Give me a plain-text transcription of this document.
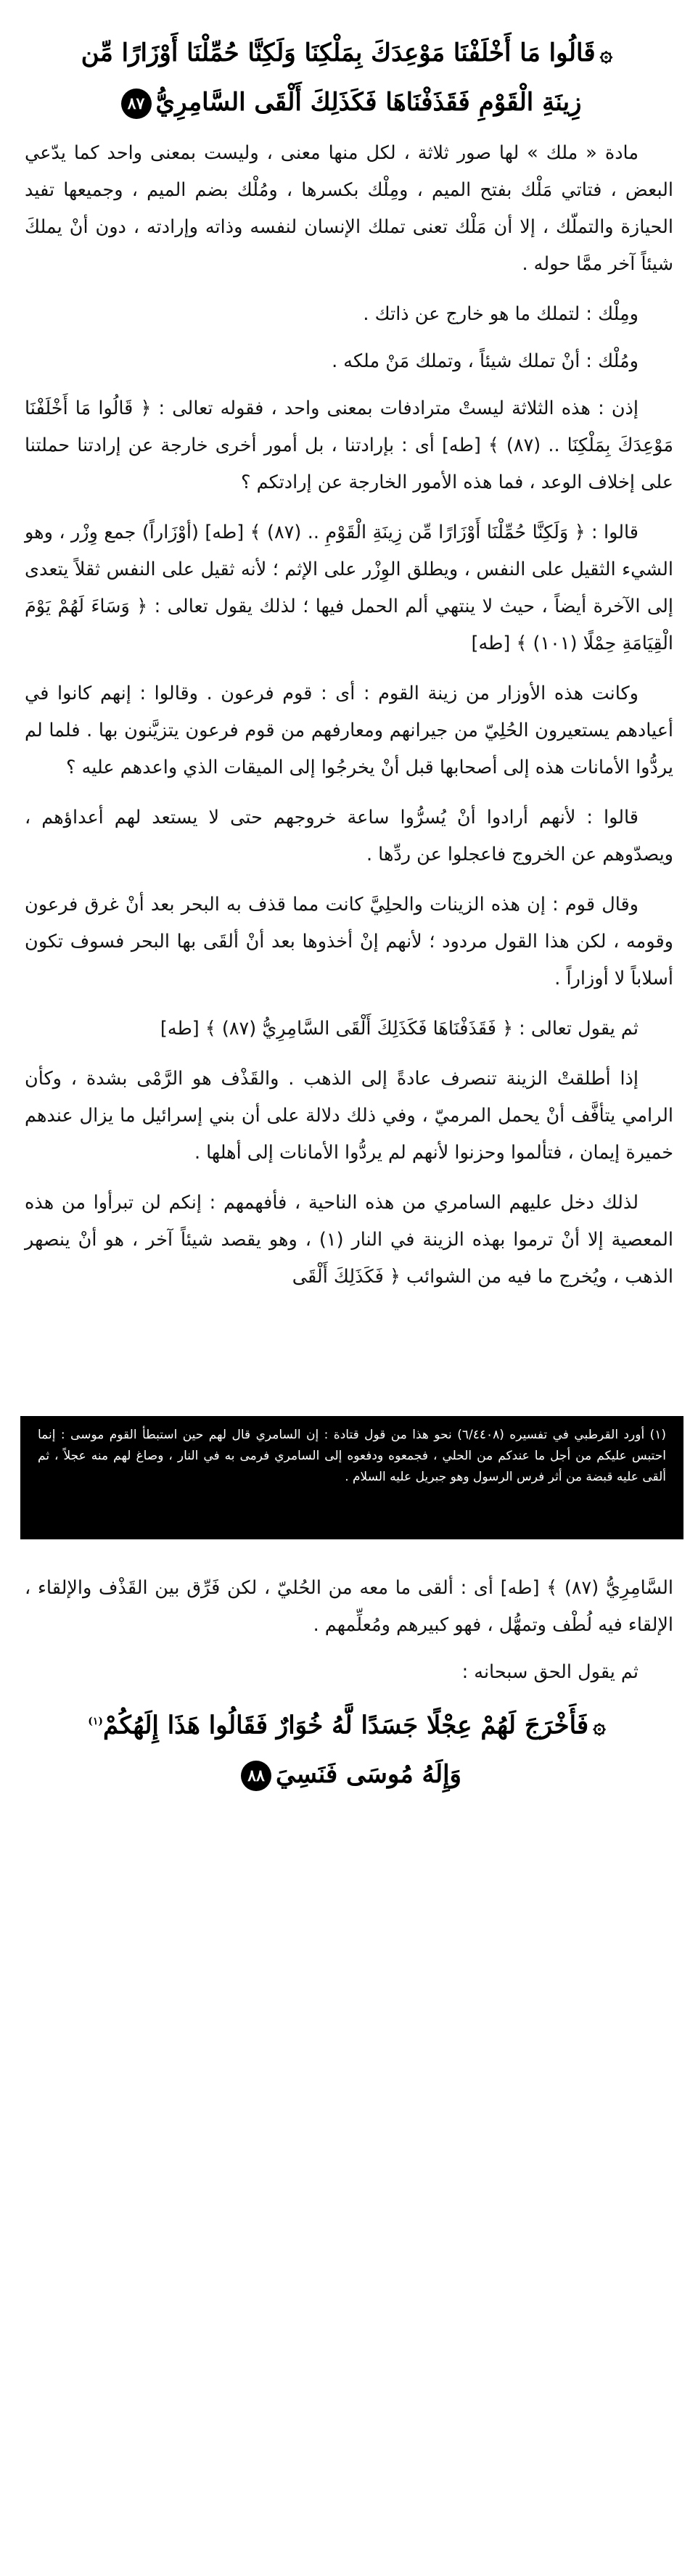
۞قَالُوا مَا أَخْلَفْنَا مَوْعِدَكَ بِمَلْكِنَا وَلَكِنَّا حُمِّلْنَا أَوْزَارًا مِّن
زِينَةِ الْقَوْمِ فَقَذَفْنَاهَا فَكَذَلِكَ أَلْقَى السَّامِرِيُّ٨٧

مادة « ملك » لها صور ثلاثة ، لكل منها معنى ، وليست بمعنى واحد كما يدّعي البعض ، فتاتي مَلْك بفتح الميم ، ومِلْك بكسرها ، ومُلْك بضم الميم ، وجميعها تفيد الحيازة والتملّك ، إلا أن مَلْك تعنى تملك الإنسان لنفسه وذاته وإرادته ، دون أنْ يملكَ شيئاً آخر ممَّا حوله .

ومِلْك : لتملك ما هو خارج عن ذاتك .

ومُلْك : أنْ تملك شيئاً ، وتملك مَنْ ملكه .

إذن : هذه الثلاثة ليستْ مترادفات بمعنى واحد ، فقوله تعالى : ﴿ قَالُوا مَا أَخْلَفْنَا مَوْعِدَكَ بِمَلْكِنَا .. (٨٧) ﴾ [طه] أى : بإرادتنا ، بل أمور أخرى خارجة عن إرادتنا حملتنا على إخلاف الوعد ، فما هذه الأمور الخارجة عن إرادتكم ؟

قالوا : ﴿ وَلَكِنَّا حُمِّلْنَا أَوْزَارًا مِّن زِينَةِ الْقَوْمِ .. (٨٧) ﴾ [طه] (أوْزَاراً) جمع وِزْر ، وهو الشيء الثقيل على النفس ، ويطلق الوِزْر على الإثم ؛ لأنه ثقيل على النفس ثقلاً يتعدى إلى الآخرة أيضاً ، حيث لا ينتهي ألم الحمل فيها ؛ لذلك يقول تعالى : ﴿ وَسَاءَ لَهُمْ يَوْمَ الْقِيَامَةِ حِمْلًا (١٠١) ﴾ [طه]

وكانت هذه الأوزار من زينة القوم : أى : قوم فرعون . وقالوا : إنهم كانوا في أعيادهم يستعيرون الحُلِيّ من جيرانهم ومعارفهم من قوم فرعون يتزيَّنون بها . فلما لم يردُّوا الأمانات هذه إلى أصحابها قبل أنْ يخرجُوا إلى الميقات الذي واعدهم عليه ؟

قالوا : لأنهم أرادوا أنْ يُسرُّوا ساعة خروجهم حتى لا يستعد لهم أعداؤهم ، ويصدّوهم عن الخروج فاعجلوا عن ردِّها .

وقال قوم : إن هذه الزينات والحلِيَّ كانت مما قذف به البحر بعد أنْ غرق فرعون وقومه ، لكن هذا القول مردود ؛ لأنهم إنْ أخذوها بعد أنْ ألقَى بها البحر فسوف تكون أسلاباً لا أوزاراً .

ثم يقول تعالى : ﴿ فَقَذَفْنَاهَا فَكَذَلِكَ أَلْقَى السَّامِرِيُّ (٨٧) ﴾ [طه]

إذا أطلقتْ الزينة تنصرف عادةً إلى الذهب . والقَذْف هو الرَّمْى بشدة ، وكأن الرامي يتأفَّف أنْ يحمل المرميّ ، وفي ذلك دلالة على أن بني إسرائيل ما يزال عندهم خميرة إيمان ، فتألموا وحزنوا لأنهم لم يردُّوا الأمانات إلى أهلها .

لذلك دخل عليهم السامري من هذه الناحية ، فأفهمهم : إنكم لن تبرأوا من هذه المعصية إلا أنْ ترموا بهذه الزينة في النار (١) ، وهو يقصد شيئاً آخر ، هو أنْ ينصهر الذهب ، ويُخرج ما فيه من الشوائب ﴿ فَكَذَلِكَ أَلْقَى

(١) أورد القرطبي في تفسيره (٦/٤٤٠٨) نحو هذا من قول قتادة : إن السامري قال لهم حين استبطأ القوم موسى : إنما احتبس عليكم من أجل ما عندكم من الحلي ، فجمعوه ودفعوه إلى السامري فرمى به في النار ، وصاغ لهم منه عجلاً ، ثم ألقى عليه قبضة من أثر فرس الرسول وهو جبريل عليه السلام .

السَّامِرِيُّ (٨٧) ﴾ [طه] أى : ألقى ما معه من الحُليّ ، لكن فَرِّق بين القَذْف والإلقاء ، الإلقاء فيه لُطْف وتمهُّل ، فهو كبيرهم ومُعلِّمهم .

ثم يقول الحق سبحانه :

۞فَأَخْرَجَ لَهُمْ عِجْلًا جَسَدًا لَّهُ خُوَارٌ فَقَالُوا هَذَا إِلَهُكُمْ$^{(١)}$
وَإِلَهُ مُوسَى فَنَسِيَ٨٨
